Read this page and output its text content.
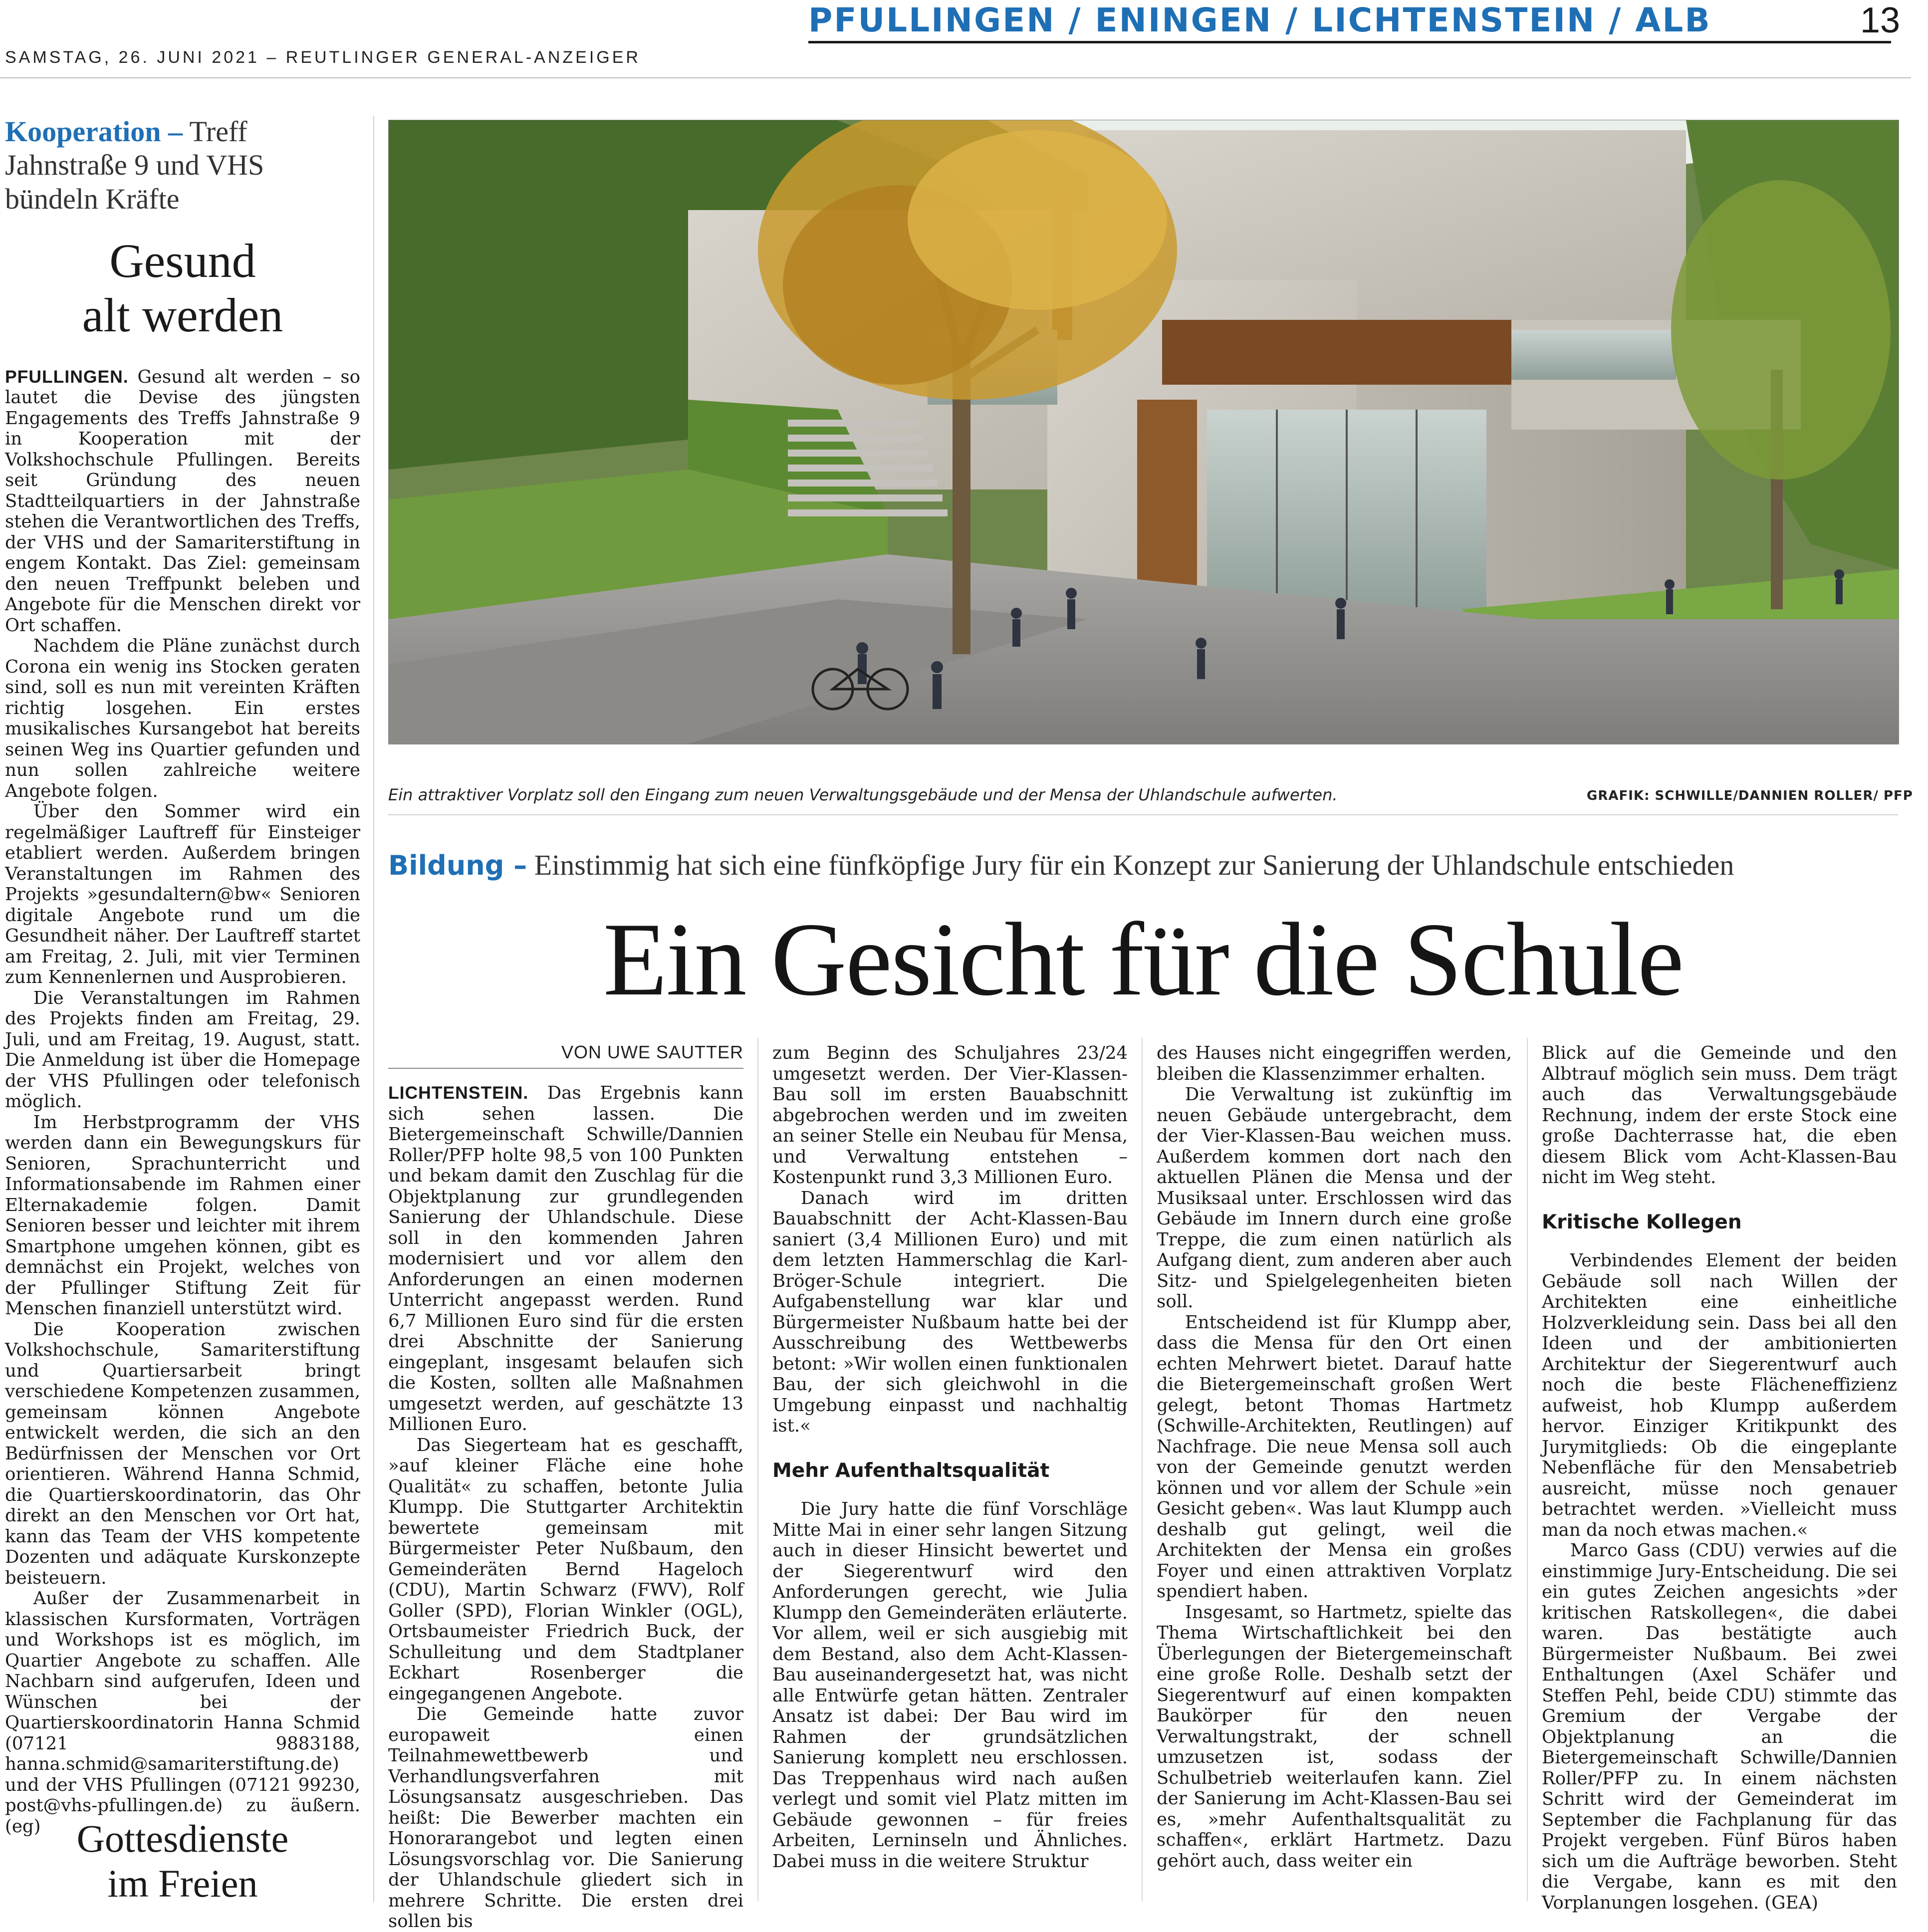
PFULLINGEN / ENINGEN / LICHTENSTEIN / ALB	13
SAMSTAG, 26. JUNI 2021 – REUTLINGER GENERAL-ANZEIGER
Kooperation – Treff Jahnstraße 9 und VHS bündeln Kräfte
Gesund
alt werden

PFULLINGEN. Gesund alt werden – so lautet die Devise des jüngsten Engagements des Treffs Jahnstraße 9 in Kooperation mit der Volkshochschule Pfullingen. Bereits seit Gründung des neuen Stadtteilquartiers in der Jahnstraße stehen die Verantwortlichen des Treffs, der VHS und der Samariterstiftung in engem Kontakt. Das Ziel: gemeinsam den neuen Treffpunkt beleben und Angebote für die Menschen direkt vor Ort schaffen.

Nachdem die Pläne zunächst durch Corona ein wenig ins Stocken geraten sind, soll es nun mit vereinten Kräften richtig losgehen. Ein erstes musikalisches Kursangebot hat bereits seinen Weg ins Quartier gefunden und nun sollen zahlreiche weitere Angebote folgen.

Über den Sommer wird ein regelmäßiger Lauftreff für Einsteiger etabliert werden. Außerdem bringen Veranstaltungen im Rahmen des Projekts »gesundaltern@bw« Senioren digitale Angebote rund um die Gesundheit näher. Der Lauftreff startet am Freitag, 2. Juli, mit vier Terminen zum Kennenlernen und Ausprobieren.

Die Veranstaltungen im Rahmen des Projekts finden am Freitag, 29. Juli, und am Freitag, 19. August, statt. Die Anmeldung ist über die Homepage der VHS Pfullingen oder telefonisch möglich.

Im Herbstprogramm der VHS werden dann ein Bewegungskurs für Senioren, Sprachunterricht und Informationsabende im Rahmen einer Elternakademie folgen. Damit Senioren besser und leichter mit ihrem Smartphone umgehen können, gibt es demnächst ein Projekt, welches von der Pfullinger Stiftung Zeit für Menschen finanziell unterstützt wird.

Die Kooperation zwischen Volkshochschule, Samariterstiftung und Quartiersarbeit bringt verschiedene Kompetenzen zusammen, gemeinsam können Angebote entwickelt werden, die sich an den Bedürfnissen der Menschen vor Ort orientieren. Während Hanna Schmid, die Quartierskoordinatorin, das Ohr direkt an den Menschen vor Ort hat, kann das Team der VHS kompetente Dozenten und adäquate Kurskonzepte beisteuern.

Außer der Zusammenarbeit in klassischen Kursformaten, Vorträgen und Workshops ist es möglich, im Quartier Angebote zu schaffen. Alle Nachbarn sind aufgerufen, Ideen und Wünschen bei der Quartierskoordinatorin Hanna Schmid (07121 9883188, hanna.schmid@samariterstiftung.de) und der VHS Pfullingen (07121 99230, post@vhs-pfullingen.de) zu äußern. (eg) Gottesdienste
im Freien
Ein attraktiver Vorplatz soll den Eingang zum neuen Verwaltungsgebäude und der Mensa der Uhlandschule aufwerten.	GRAFIK: SCHWILLE/DANNIEN ROLLER/ PFP
Bildung – Einstimmig hat sich eine fünfköpfige Jury für ein Konzept zur Sanierung der Uhlandschule entschieden
Ein Gesicht für die Schule
VON UWE SAUTTER

LICHTENSTEIN. Das Ergebnis kann sich sehen lassen. Die Bietergemeinschaft Schwille/Dannien Roller/PFP holte 98,5 von 100 Punkten und bekam damit den Zuschlag für die Objektplanung zur grundlegenden Sanierung der Uhlandschule. Diese soll in den kommenden Jahren modernisiert und vor allem den Anforderungen an einen modernen Unterricht angepasst werden. Rund 6,7 Millionen Euro sind für die ersten drei Abschnitte der Sanierung eingeplant, insgesamt belaufen sich die Kosten, sollten alle Maßnahmen umgesetzt werden, auf geschätzte 13 Millionen Euro.

Das Siegerteam hat es geschafft, »auf kleiner Fläche eine hohe Qualität« zu schaffen, betonte Julia Klumpp. Die Stuttgarter Architektin bewertete gemeinsam mit Bürgermeister Peter Nußbaum, den Gemeinderäten Bernd Hageloch (CDU), Martin Schwarz (FWV), Rolf Goller (SPD), Florian Winkler (OGL), Ortsbaumeister Friedrich Buck, der Schulleitung und dem Stadtplaner Eckhart Rosenberger die eingegangenen Angebote.

Die Gemeinde hatte zuvor europaweit einen Teilnahmewettbewerb und Verhandlungsverfahren mit Lösungsansatz ausgeschrieben. Das heißt: Die Bewerber machten ein Honorarangebot und legten einen Lösungsvorschlag vor. Die Sanierung der Uhlandschule gliedert sich in mehrere Schritte. Die ersten drei sollen bis

zum Beginn des Schuljahres 23/24 umgesetzt werden. Der Vier-Klassen-Bau soll im ersten Bauabschnitt abgebrochen werden und im zweiten an seiner Stelle ein Neubau für Mensa, und Verwaltung entstehen – Kostenpunkt rund 3,3 Millionen Euro.

Danach wird im dritten Bauabschnitt der Acht-Klassen-Bau saniert (3,4 Millionen Euro) und mit dem letzten Hammerschlag die Karl-Bröger-Schule integriert. Die Aufgabenstellung war klar und Bürgermeister Nußbaum hatte bei der Ausschreibung des Wettbewerbs betont: »Wir wollen einen funktionalen Bau, der sich gleichwohl in die Umgebung einpasst und nachhaltig ist.«

Mehr Aufenthaltsqualität

Die Jury hatte die fünf Vorschläge Mitte Mai in einer sehr langen Sitzung auch in dieser Hinsicht bewertet und der Siegerentwurf wird den Anforderungen gerecht, wie Julia Klumpp den Gemeinderäten erläuterte. Vor allem, weil er sich ausgiebig mit dem Bestand, also dem Acht-Klassen-Bau auseinandergesetzt hat, was nicht alle Entwürfe getan hätten. Zentraler Ansatz ist dabei: Der Bau wird im Rahmen der grundsätzlichen Sanierung komplett neu erschlossen. Das Treppenhaus wird nach außen verlegt und somit viel Platz mitten im Gebäude gewonnen – für freies Arbeiten, Lerninseln und Ähnliches. Dabei muss in die weitere Struktur

des Hauses nicht eingegriffen werden, bleiben die Klassenzimmer erhalten.

Die Verwaltung ist zukünftig im neuen Gebäude untergebracht, dem der Vier-Klassen-Bau weichen muss. Außerdem kommen dort nach den aktuellen Plänen die Mensa und der Musiksaal unter. Erschlossen wird das Gebäude im Innern durch eine große Treppe, die zum einen natürlich als Aufgang dient, zum anderen aber auch Sitz- und Spielgelegenheiten bieten soll.

Entscheidend ist für Klumpp aber, dass die Mensa für den Ort einen echten Mehrwert bietet. Darauf hatte die Bietergemeinschaft großen Wert gelegt, betont Thomas Hartmetz (Schwille-Architekten, Reutlingen) auf Nachfrage. Die neue Mensa soll auch von der Gemeinde genutzt werden können und vor allem der Schule »ein Gesicht geben«. Was laut Klumpp auch deshalb gut gelingt, weil die Architekten der Mensa ein großes Foyer und einen attraktiven Vorplatz spendiert haben.

Insgesamt, so Hartmetz, spielte das Thema Wirtschaftlichkeit bei den Überlegungen der Bietergemeinschaft eine große Rolle. Deshalb setzt der Siegerentwurf auf einen kompakten Baukörper für den neuen Verwaltungstrakt, der schnell umzusetzen ist, sodass der Schulbetrieb weiterlaufen kann. Ziel der Sanierung im Acht-Klassen-Bau sei es, »mehr Aufenthaltsqualität zu schaffen«, erklärt Hartmetz. Dazu gehört auch, dass weiter ein

Blick auf die Gemeinde und den Albtrauf möglich sein muss. Dem trägt auch das Verwaltungsgebäude Rechnung, indem der erste Stock eine große Dachterrasse hat, die eben diesem Blick vom Acht-Klassen-Bau nicht im Weg steht.

Kritische Kollegen

Verbindendes Element der beiden Gebäude soll nach Willen der Architekten eine einheitliche Holzverkleidung sein. Dass bei all den Ideen und der ambitionierten Architektur der Siegerentwurf auch noch die beste Flächeneffizienz aufweist, hob Klumpp außerdem hervor. Einziger Kritikpunkt des Jurymitglieds: Ob die eingeplante Nebenfläche für den Mensabetrieb ausreicht, müsse noch genauer betrachtet werden. »Vielleicht muss man da noch etwas machen.«

Marco Gass (CDU) verwies auf die einstimmige Jury-Entscheidung. Die sei ein gutes Zeichen angesichts »der kritischen Ratskollegen«, die dabei waren. Das bestätigte auch Bürgermeister Nußbaum. Bei zwei Enthaltungen (Axel Schäfer und Steffen Pehl, beide CDU) stimmte das Gremium der Vergabe der Objektplanung an die Bietergemeinschaft Schwille/Dannien Roller/PFP zu. In einem nächsten Schritt wird der Gemeinderat im September die Fachplanung für das Projekt vergeben. Fünf Büros haben sich um die Aufträge beworben. Steht die Vergabe, kann es mit den Vorplanungen losgehen. (GEA)
